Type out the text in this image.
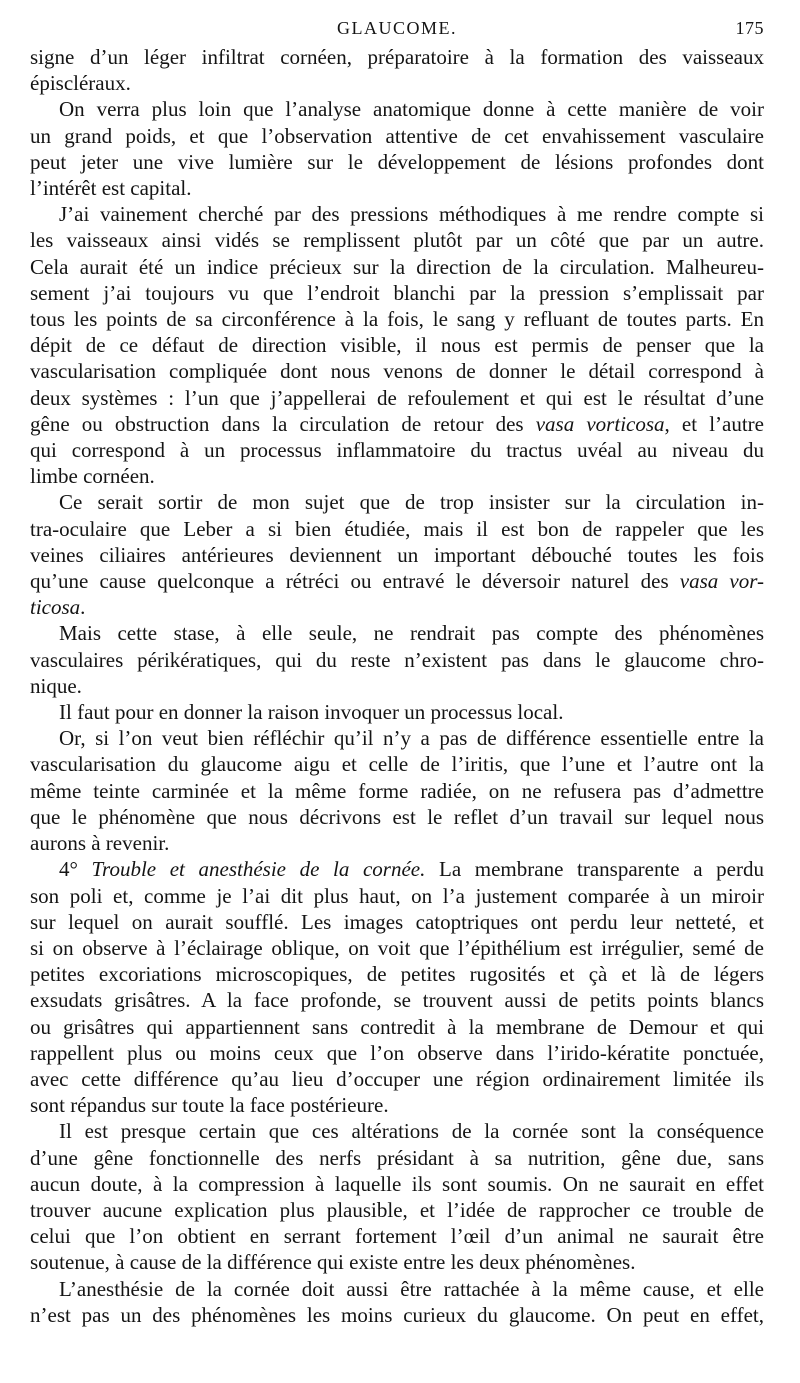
GLAUCOME.	175

signe d’un léger infiltrat cornéen, préparatoire à la formation des vaisseaux
épiscléraux.

On verra plus loin que l’analyse anatomique donne à cette manière de voir
un grand poids, et que l’observation attentive de cet envahissement vasculaire
peut jeter une vive lumière sur le développement de lésions profondes dont
l’intérêt est capital.

J’ai vainement cherché par des pressions méthodiques à me rendre compte si
les vaisseaux ainsi vidés se remplissent plutôt par un côté que par un autre.
Cela aurait été un indice précieux sur la direction de la circulation. Malheureu-
sement j’ai toujours vu que l’endroit blanchi par la pression s’emplissait par
tous les points de sa circonférence à la fois, le sang y refluant de toutes parts. En
dépit de ce défaut de direction visible, il nous est permis de penser que la
vascularisation compliquée dont nous venons de donner le détail correspond à
deux systèmes : l’un que j’appellerai de refoulement et qui est le résultat d’une
gêne ou obstruction dans la circulation de retour des vasa vorticosa, et l’autre
qui correspond à un processus inflammatoire du tractus uvéal au niveau du
limbe cornéen.

Ce serait sortir de mon sujet que de trop insister sur la circulation in-
tra-oculaire que Leber a si bien étudiée, mais il est bon de rappeler que les
veines ciliaires antérieures deviennent un important débouché toutes les fois
qu’une cause quelconque a rétréci ou entravé le déversoir naturel des vasa vor-
ticosa.

Mais cette stase, à elle seule, ne rendrait pas compte des phénomènes
vasculaires périkératiques, qui du reste n’existent pas dans le glaucome chro-
nique.

Il faut pour en donner la raison invoquer un processus local.

Or, si l’on veut bien réfléchir qu’il n’y a pas de différence essentielle entre la
vascularisation du glaucome aigu et celle de l’iritis, que l’une et l’autre ont la
même teinte carminée et la même forme radiée, on ne refusera pas d’admettre
que le phénomène que nous décrivons est le reflet d’un travail sur lequel nous
aurons à revenir.

4° Trouble et anesthésie de la cornée. La membrane transparente a perdu
son poli et, comme je l’ai dit plus haut, on l’a justement comparée à un miroir
sur lequel on aurait soufflé. Les images catoptriques ont perdu leur netteté, et
si on observe à l’éclairage oblique, on voit que l’épithélium est irrégulier, semé de
petites excoriations microscopiques, de petites rugosités et çà et là de légers
exsudats grisâtres. A la face profonde, se trouvent aussi de petits points blancs
ou grisâtres qui appartiennent sans contredit à la membrane de Demour et qui
rappellent plus ou moins ceux que l’on observe dans l’irido-kératite ponctuée,
avec cette différence qu’au lieu d’occuper une région ordinairement limitée ils
sont répandus sur toute la face postérieure.

Il est presque certain que ces altérations de la cornée sont la conséquence
d’une gêne fonctionnelle des nerfs présidant à sa nutrition, gêne due, sans
aucun doute, à la compression à laquelle ils sont soumis. On ne saurait en effet
trouver aucune explication plus plausible, et l’idée de rapprocher ce trouble de
celui que l’on obtient en serrant fortement l’œil d’un animal ne saurait être
soutenue, à cause de la différence qui existe entre les deux phénomènes.

L’anesthésie de la cornée doit aussi être rattachée à la même cause, et elle
n’est pas un des phénomènes les moins curieux du glaucome. On peut en effet,
